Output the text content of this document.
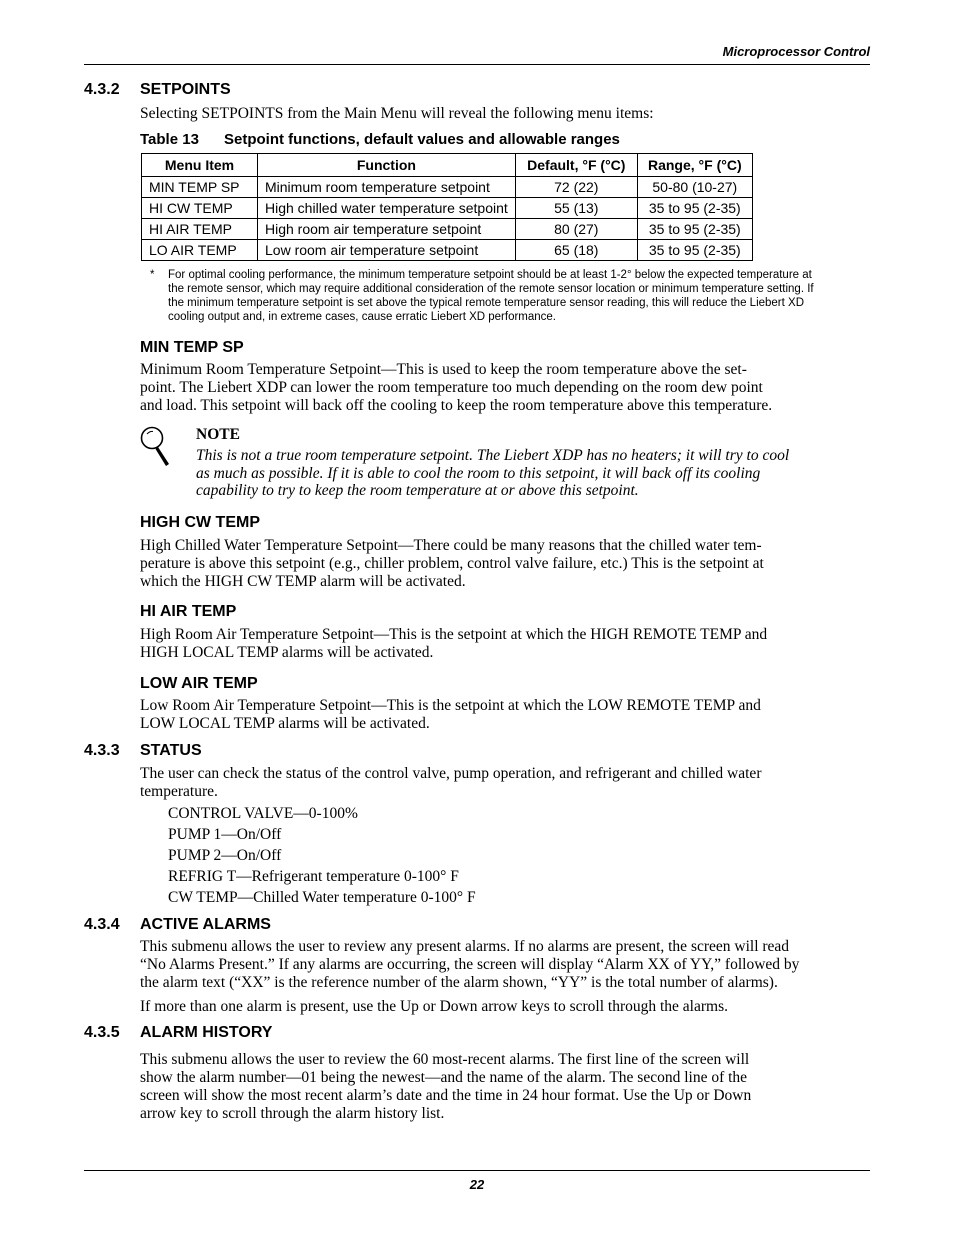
Microprocessor Control
4.3.2 SETPOINTS
Selecting SETPOINTS from the Main Menu will reveal the following menu items:
Table 13 Setpoint functions, default values and allowable ranges
Menu Item	Function	Default, °F (°C)	Range, °F (°C)
MIN TEMP SP	Minimum room temperature setpoint	72 (22)	50-80 (10-27)
HI CW TEMP	High chilled water temperature setpoint	55 (13)	35 to 95 (2-35)
HI AIR TEMP	High room air temperature setpoint	80 (27)	35 to 95 (2-35)
LO AIR TEMP	Low room air temperature setpoint	65 (18)	35 to 95 (2-35)
* For optimal cooling performance, the minimum temperature setpoint should be at least 1-2° below the expected temperature at
the remote sensor, which may require additional consideration of the remote sensor location or minimum temperature setting. If
the minimum temperature setpoint is set above the typical remote temperature sensor reading, this will reduce the Liebert XD
cooling output and, in extreme cases, cause erratic Liebert XD performance.
MIN TEMP SP
Minimum Room Temperature Setpoint—This is used to keep the room temperature above the set-
point. The Liebert XDP can lower the room temperature too much depending on the room dew point
and load. This setpoint will back off the cooling to keep the room temperature above this temperature.
NOTE
This is not a true room temperature setpoint. The Liebert XDP has no heaters; it will try to cool
as much as possible. If it is able to cool the room to this setpoint, it will back off its cooling
capability to try to keep the room temperature at or above this setpoint.
HIGH CW TEMP
High Chilled Water Temperature Setpoint—There could be many reasons that the chilled water tem-
perature is above this setpoint (e.g., chiller problem, control valve failure, etc.) This is the setpoint at
which the HIGH CW TEMP alarm will be activated.
HI AIR TEMP
High Room Air Temperature Setpoint—This is the setpoint at which the HIGH REMOTE TEMP and
HIGH LOCAL TEMP alarms will be activated.
LOW AIR TEMP
Low Room Air Temperature Setpoint—This is the setpoint at which the LOW REMOTE TEMP and
LOW LOCAL TEMP alarms will be activated.
4.3.3 STATUS
The user can check the status of the control valve, pump operation, and refrigerant and chilled water
temperature.
CONTROL VALVE—0-100%
PUMP 1—On/Off
PUMP 2—On/Off
REFRIG T—Refrigerant temperature 0-100° F
CW TEMP—Chilled Water temperature 0-100° F
4.3.4 ACTIVE ALARMS
This submenu allows the user to review any present alarms. If no alarms are present, the screen will read
“No Alarms Present.” If any alarms are occurring, the screen will display “Alarm XX of YY,” followed by
the alarm text (“XX” is the reference number of the alarm shown, “YY” is the total number of alarms).
If more than one alarm is present, use the Up or Down arrow keys to scroll through the alarms.
4.3.5 ALARM HISTORY
This submenu allows the user to review the 60 most-recent alarms. The first line of the screen will
show the alarm number—01 being the newest—and the name of the alarm. The second line of the
screen will show the most recent alarm’s date and the time in 24 hour format. Use the Up or Down
arrow key to scroll through the alarm history list.
22
